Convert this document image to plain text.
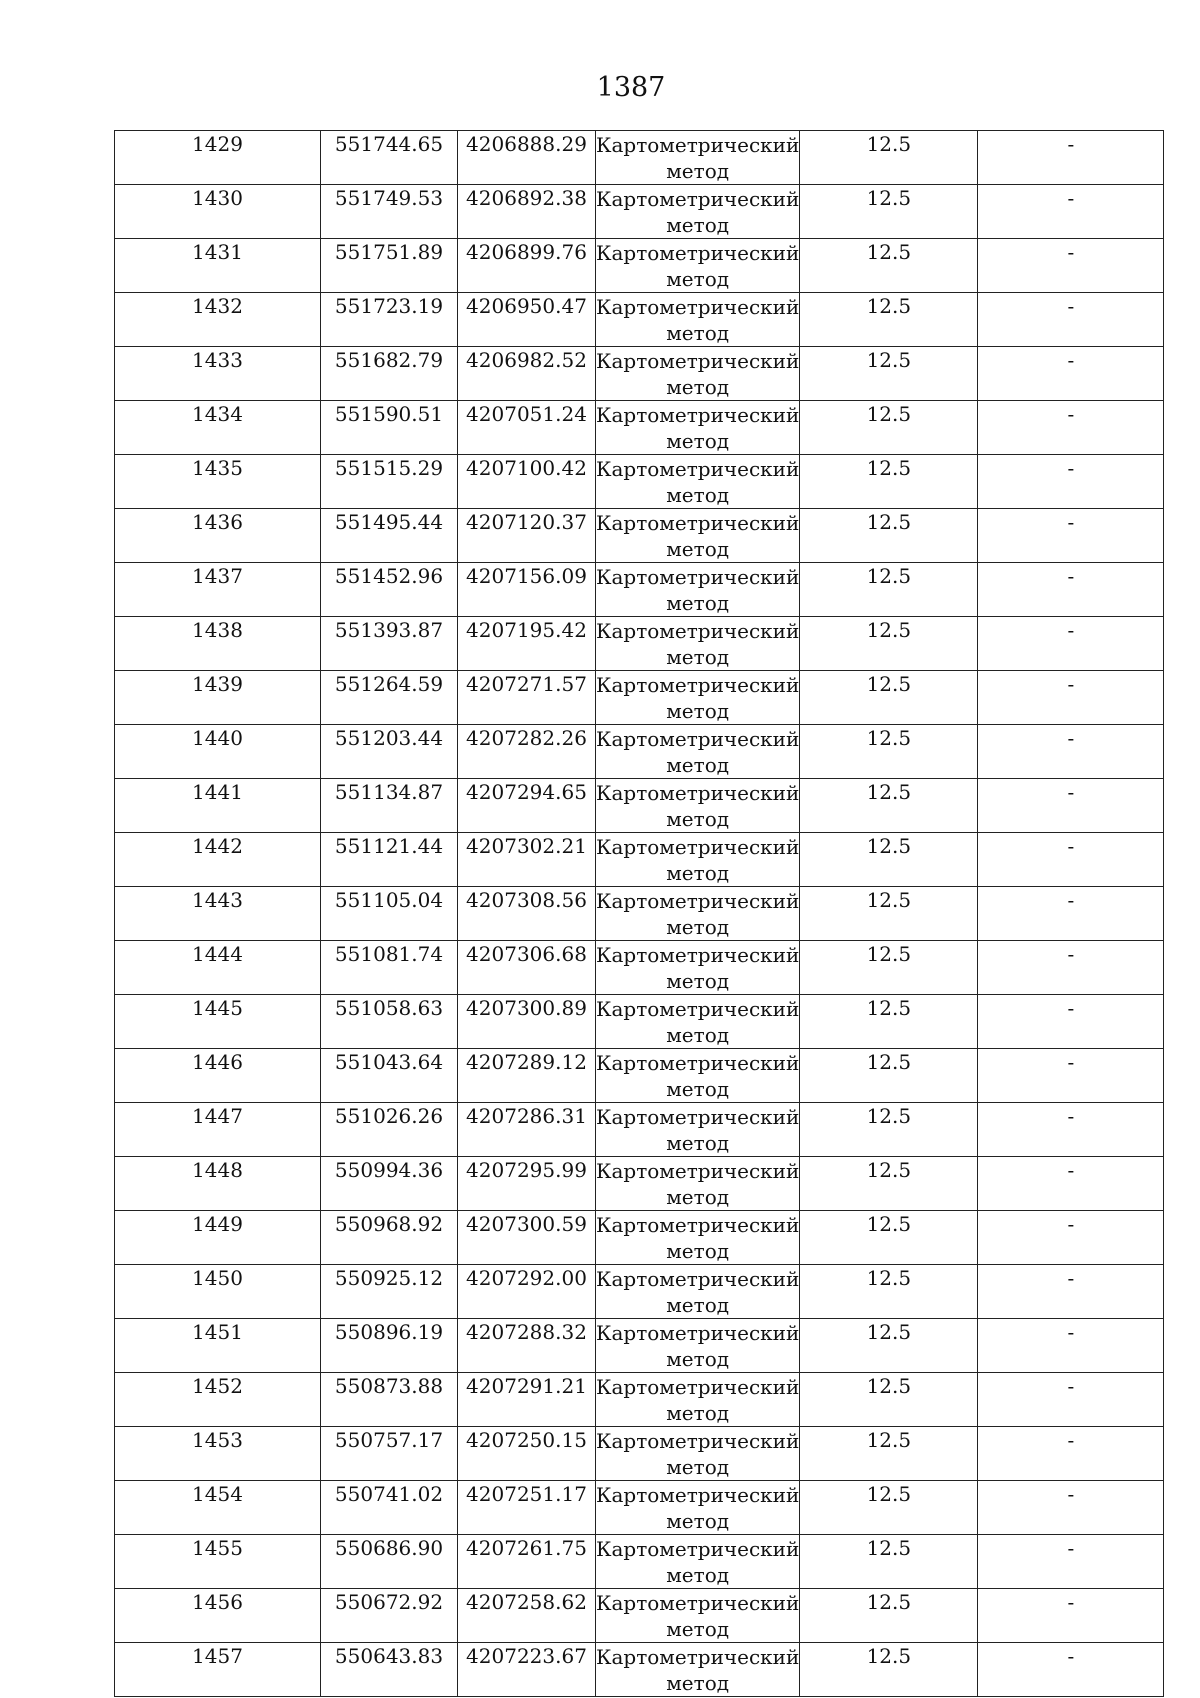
1387
1429	551744.65	4206888.29	Картометрический
метод	12.5	-

1430	551749.53	4206892.38	Картометрический
метод	12.5	-

1431	551751.89	4206899.76	Картометрический
метод	12.5	-

1432	551723.19	4206950.47	Картометрический
метод	12.5	-

1433	551682.79	4206982.52	Картометрический
метод	12.5	-

1434	551590.51	4207051.24	Картометрический
метод	12.5	-

1435	551515.29	4207100.42	Картометрический
метод	12.5	-

1436	551495.44	4207120.37	Картометрический
метод	12.5	-

1437	551452.96	4207156.09	Картометрический
метод	12.5	-

1438	551393.87	4207195.42	Картометрический
метод	12.5	-

1439	551264.59	4207271.57	Картометрический
метод	12.5	-

1440	551203.44	4207282.26	Картометрический
метод	12.5	-

1441	551134.87	4207294.65	Картометрический
метод	12.5	-

1442	551121.44	4207302.21	Картометрический
метод	12.5	-

1443	551105.04	4207308.56	Картометрический
метод	12.5	-

1444	551081.74	4207306.68	Картометрический
метод	12.5	-

1445	551058.63	4207300.89	Картометрический
метод	12.5	-

1446	551043.64	4207289.12	Картометрический
метод	12.5	-

1447	551026.26	4207286.31	Картометрический
метод	12.5	-

1448	550994.36	4207295.99	Картометрический
метод	12.5	-

1449	550968.92	4207300.59	Картометрический
метод	12.5	-

1450	550925.12	4207292.00	Картометрический
метод	12.5	-

1451	550896.19	4207288.32	Картометрический
метод	12.5	-

1452	550873.88	4207291.21	Картометрический
метод	12.5	-

1453	550757.17	4207250.15	Картометрический
метод	12.5	-

1454	550741.02	4207251.17	Картометрический
метод	12.5	-

1455	550686.90	4207261.75	Картометрический
метод	12.5	-

1456	550672.92	4207258.62	Картометрический
метод	12.5	-

1457	550643.83	4207223.67	Картометрический
метод	12.5	-
